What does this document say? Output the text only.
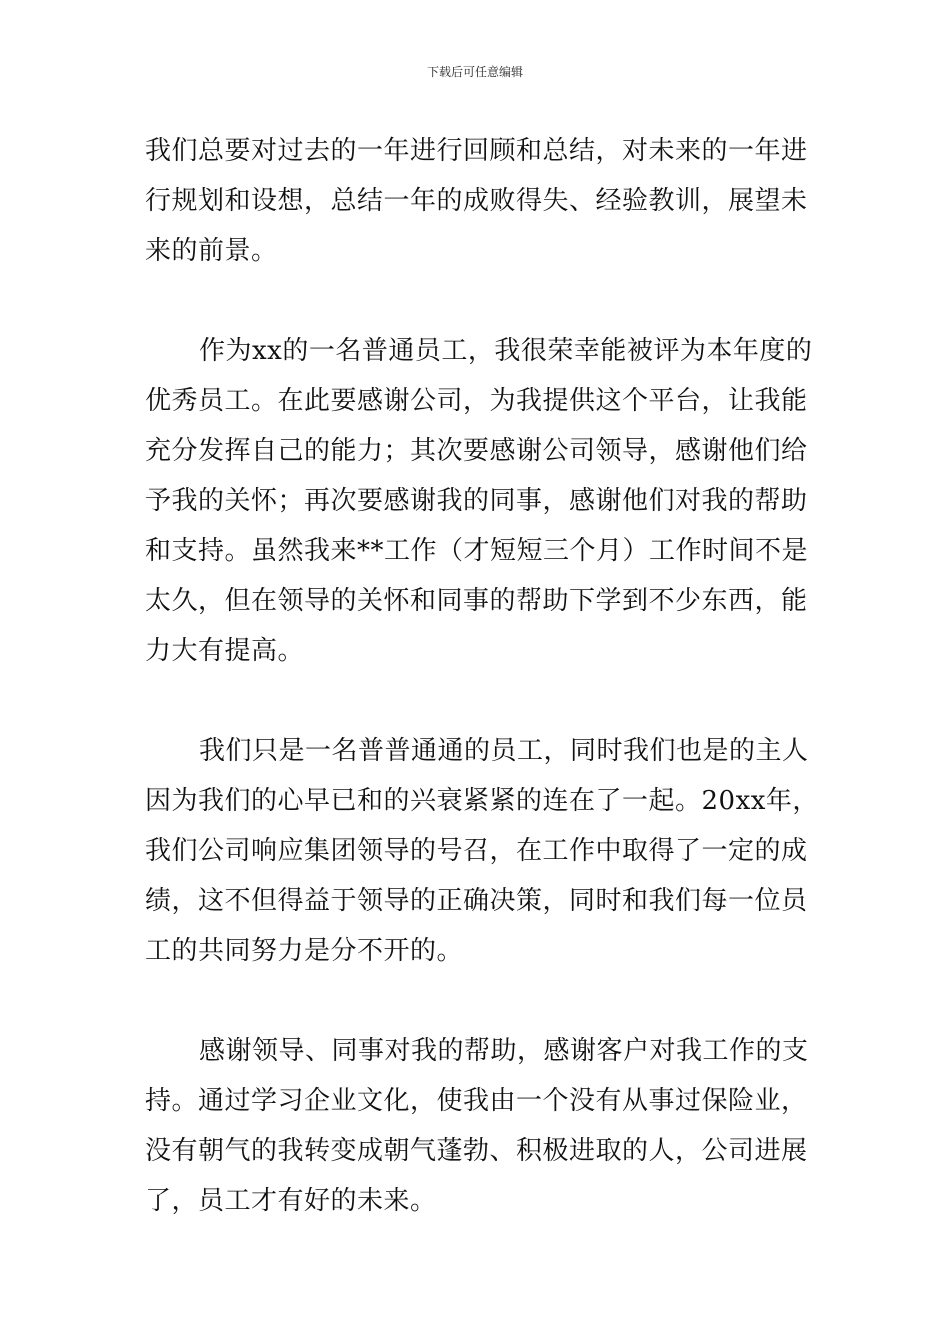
下载后可任意编辑
我们总要对过去的一年进行回顾和总结，对未来的一年进
行规划和设想，总结一年的成败得失、经验教训，展望未
来的前景。
作为xx的一名普通员工，我很荣幸能被评为本年度的
优秀员工。在此要感谢公司，为我提供这个平台，让我能
充分发挥自己的能力；其次要感谢公司领导，感谢他们给
予我的关怀；再次要感谢我的同事，感谢他们对我的帮助
和支持。虽然我来**工作（才短短三个月）工作时间不是
太久，但在领导的关怀和同事的帮助下学到不少东西，能
力大有提高。
我们只是一名普普通通的员工，同时我们也是的主人
因为我们的心早已和的兴衰紧紧的连在了一起。20xx年，
我们公司响应集团领导的号召，在工作中取得了一定的成
绩，这不但得益于领导的正确决策，同时和我们每一位员
工的共同努力是分不开的。
感谢领导、同事对我的帮助，感谢客户对我工作的支
持。通过学习企业文化，使我由一个没有从事过保险业，
没有朝气的我转变成朝气蓬勃、积极进取的人，公司进展
了，员工才有好的未来。
